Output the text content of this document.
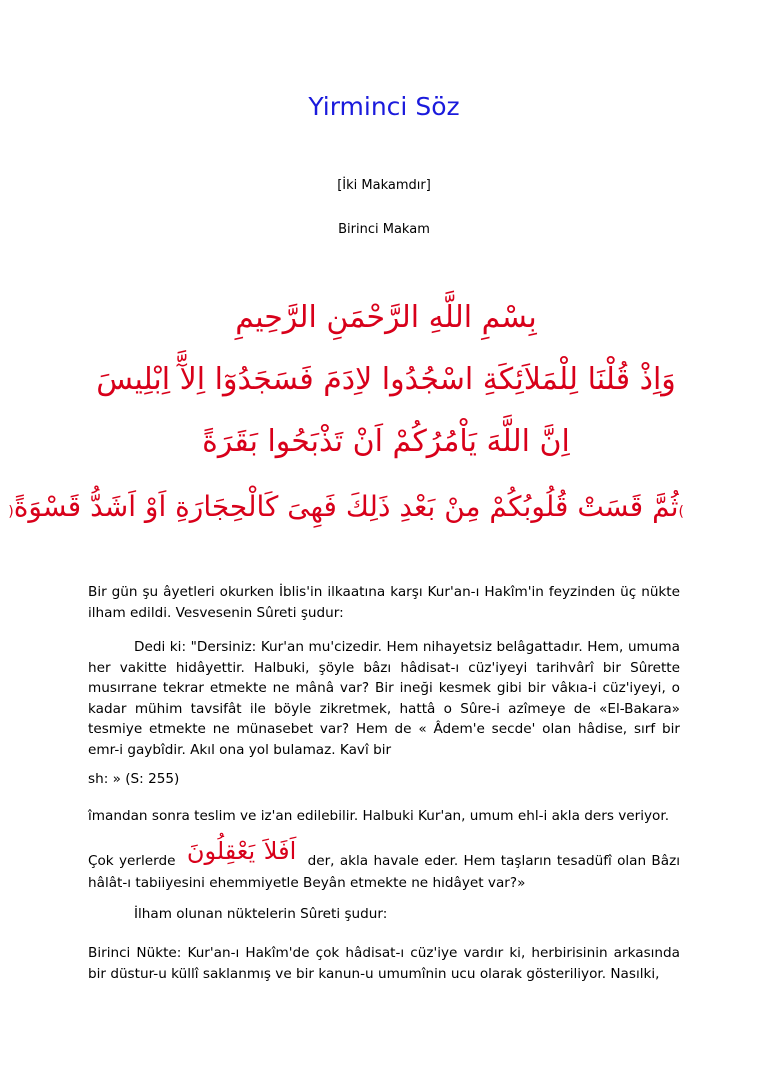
Yirminci Söz
[İki Makamdır]
Birinci Makam
بِسْمِ اللَّهِ الرَّحْمَنِ الرَّحِيمِ
وَاِذْ قُلْنَا لِلْمَلاَئِكَةِ اسْجُدُوا لاِدَمَ فَسَجَدُوٓا اِلآَّ اِبْلِيسَ
اِنَّ اللَّهَ يَاْمُرُكُمْ اَنْ تَذْبَحُوا بَقَرَةً
)ثُمَّ قَسَتْ قُلُوبُكُمْ مِنْ بَعْدِ ذَلِكَ فَهِىَ كَالْحِجَارَةِ اَوْ اَشَدُّ قَسْوَةً(
Bir gün şu âyetleri okurken İblis'in ilkaatına karşı Kur'an-ı Hakîm'in feyzinden üç nükte ilham edildi. Vesvesenin Sûreti şudur:
Dedi ki: "Dersiniz: Kur'an mu'cizedir. Hem nihayetsiz belâgattadır. Hem, umuma her vakitte hidâyettir. Halbuki, şöyle bâzı hâdisat-ı cüz'iyeyi tarihvârî bir Sûrette musırrane tekrar etmekte ne mânâ var? Bir ineği kesmek gibi bir vâkıa-i cüz'iyeyi, o kadar mühim tavsifât ile böyle zikretmek, hattâ o Sûre-i azîmeye de «El-Bakara» tesmiye etmekte ne münasebet var? Hem de « Âdem'e secde' olan hâdise, sırf bir emr-i gaybîdir. Akıl ona yol bulamaz. Kavî bir
sh: » (S: 255)
îmandan sonra teslim ve iz'an edilebilir. Halbuki Kur'an, umum ehl-i akla ders veriyor.
Çok yerlerde اَفَلاَ يَعْقِلُونَ der, akla havale eder. Hem taşların tesadüfî olan Bâzı hâlât-ı tabiiyesini ehemmiyetle Beyân etmekte ne hidâyet var?»
İlham olunan nüktelerin Sûreti şudur:
Birinci Nükte: Kur'an-ı Hakîm'de çok hâdisat-ı cüz'iye vardır ki, herbirisinin arkasında bir düstur-u küllî saklanmış ve bir kanun-u umumînin ucu olarak gösteriliyor. Nasılki,
